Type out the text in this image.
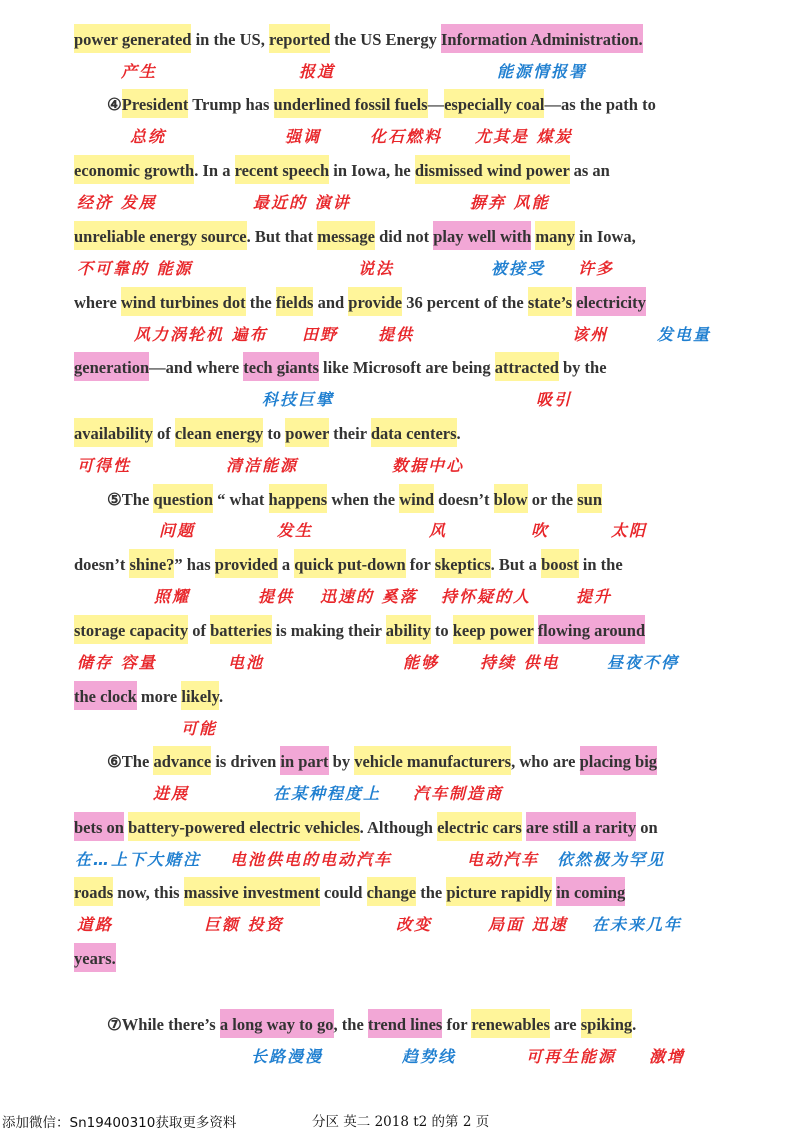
power generated in the US, reported the US Energy Information Administration.
产生	报道	能源情报署
④President Trump has underlined fossil fuels—especially coal—as the path to
总统	强调	化石燃料 尤其是 煤炭
economic growth. In a recent speech in Iowa, he dismissed wind power as an
经济 发展	最近的 演讲	摒弃 风能
unreliable energy source. But that message did not play well with many in Iowa,
不可靠的 能源	说法	被接受 许多
where wind turbines dot the fields and provide 36 percent of the state’s electricity
风力涡轮机 遍布 田野 提供	该州	发电量
generation—and where tech giants like Microsoft are being attracted by the
科技巨擘	吸引
availability of clean energy to power their data centers.
可得性	清洁能源	数据中心
⑤The question “ what happens when the wind doesn’t blow or the sun
问题	发生	风	吹	太阳
doesn’t shine?” has provided a quick put-down for skeptics. But a boost in the
照耀	提供 迅速的 奚落 持怀疑的人	提升
storage capacity of batteries is making their ability to keep power flowing around
储存 容量	电池	能够	持续 供电	昼夜不停
the clock more likely.
可能
⑥The advance is driven in part by vehicle manufacturers, who are placing big
进展	在某种程度上 汽车制造商
bets on battery-powered electric vehicles. Although electric cars are still a rarity on
在…上下大赌注 电池供电的电动汽车	电动汽车 依然极为罕见
roads now, this massive investment could change the picture rapidly in coming
道路	巨额 投资	改变	局面 迅速 在未来几年
years.
⑦While there’s a long way to go, the trend lines for renewables are spiking.
长路漫漫	趋势线	可再生能源 激增
添加微信：Sn19400310获取更多资料	分区 英二 2018 t2 的第 2 页
